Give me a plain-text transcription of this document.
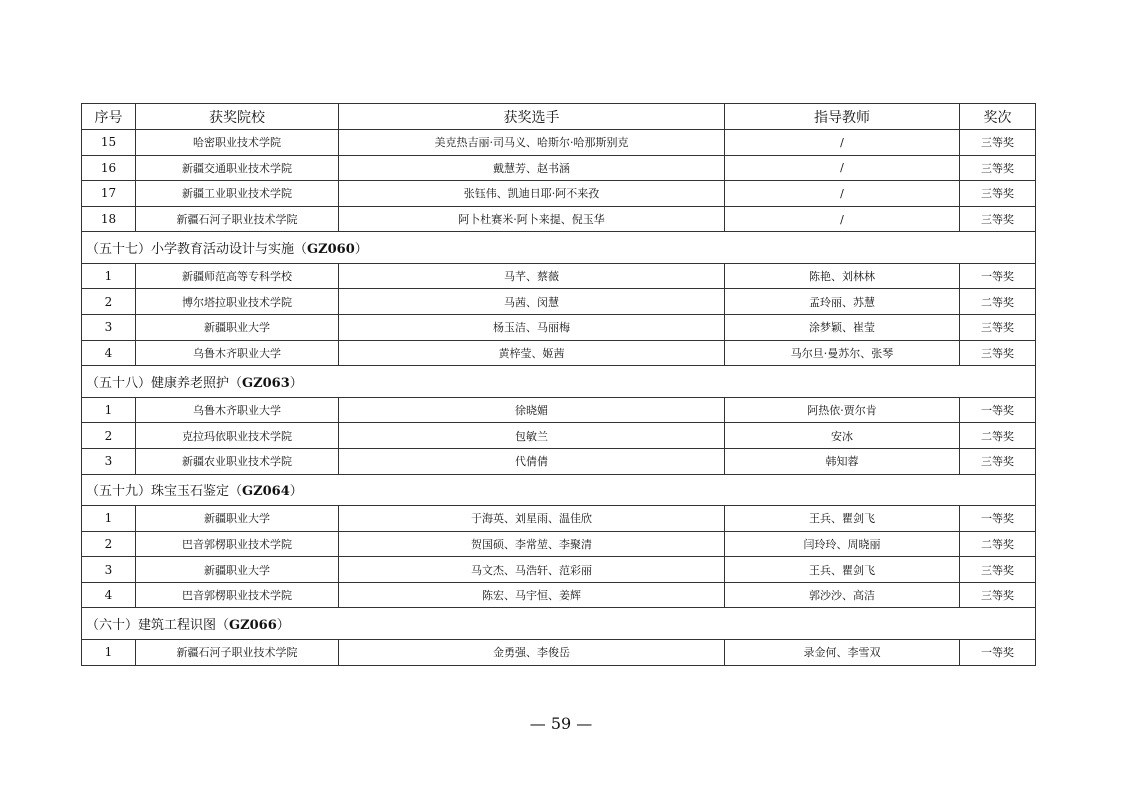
序号	获奖院校	获奖选手	指导教师	奖次
15	哈密职业技术学院	美克热吉丽·司马义、哈斯尔·哈那斯别克	/	三等奖
16	新疆交通职业技术学院	戴慧芳、赵书涵	/	三等奖
17	新疆工业职业技术学院	张钰伟、凯迪日耶·阿不来孜	/	三等奖
18	新疆石河子职业技术学院	阿卜杜赛米·阿卜来提、倪玉华	/	三等奖
（五十七）小学教育活动设计与实施（GZ060）				
1	新疆师范高等专科学校	马芊、蔡薇	陈艳、刘林林	一等奖
2	博尔塔拉职业技术学院	马茜、闵慧	孟玲丽、苏慧	二等奖
3	新疆职业大学	杨玉洁、马丽梅	涂梦颖、崔莹	三等奖
4	乌鲁木齐职业大学	黄梓莹、姬茜	马尔旦·曼苏尔、张琴	三等奖
（五十八）健康养老照护（GZ063）				
1	乌鲁木齐职业大学	徐晓媚	阿热依·贾尔肯	一等奖
2	克拉玛依职业技术学院	包敏兰	安冰	二等奖
3	新疆农业职业技术学院	代倩倩	韩知蓉	三等奖
（五十九）珠宝玉石鉴定（GZ064）				
1	新疆职业大学	于海英、刘星雨、温佳欣	王兵、瞿剑飞	一等奖
2	巴音郭楞职业技术学院	贺国硕、李常堃、李聚清	闫玲玲、周晓丽	二等奖
3	新疆职业大学	马文杰、马浩轩、范彩丽	王兵、瞿剑飞	三等奖
4	巴音郭楞职业技术学院	陈宏、马宇恒、姜辉	郭沙沙、高洁	三等奖
（六十）建筑工程识图（GZ066）				
1	新疆石河子职业技术学院	金勇强、李俊岳	录金何、李雪双	一等奖
— 59 —
